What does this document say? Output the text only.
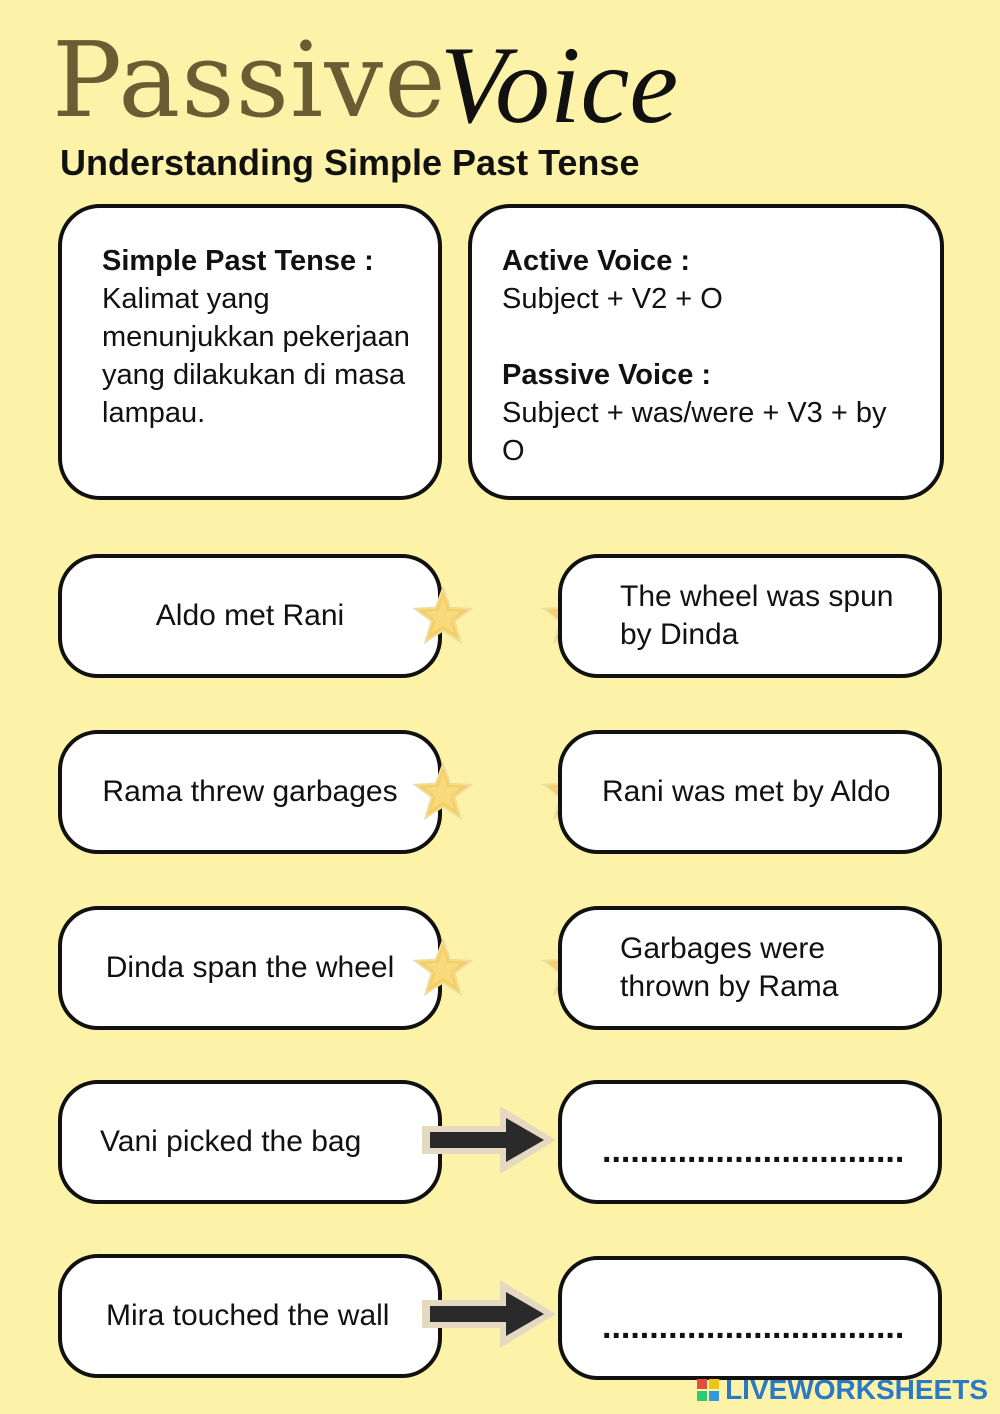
Passive
Voice
Understanding Simple Past Tense
Simple Past Tense :
Kalimat yang menunjukkan pekerjaan yang dilakukan di masa lampau.
Active Voice :
Subject + V2 + O
Passive Voice :
Subject + was/were + V3 + by O
Aldo met Rani
The wheel was spun by Dinda
Rama threw garbages	Rani was met by Aldo
Dinda span the wheel
Garbages were thrown by Rama
Vani picked the bag	................................
Mira touched the wall	................................
LIVEWORKSHEETS
